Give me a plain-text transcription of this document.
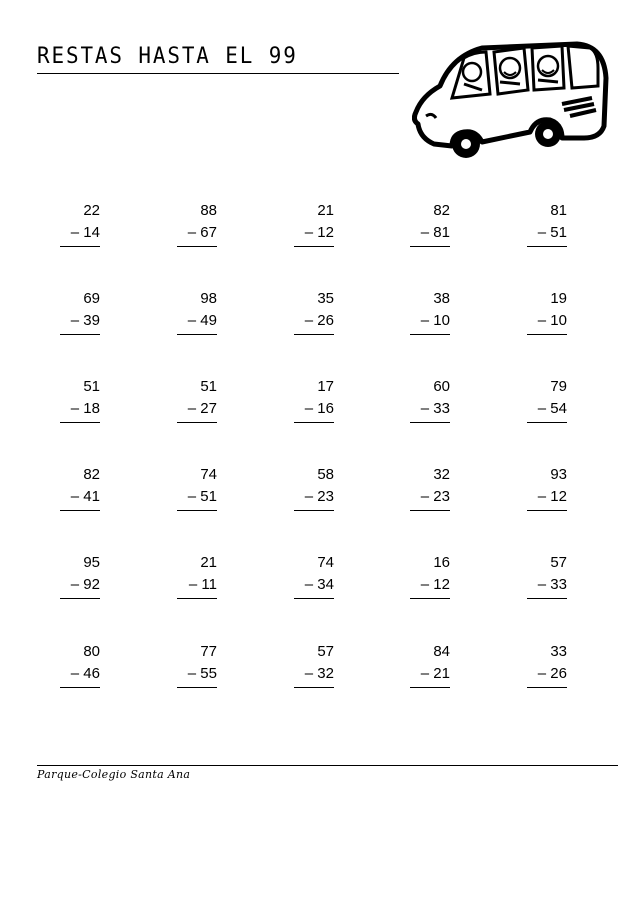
RESTAS HASTA EL 99
22
– 14
88
– 67
21
– 12
82
– 81
81
– 51
69
– 39
98
– 49
35
– 26
38
– 10
19
– 10
51
– 18
51
– 27
17
– 16
60
– 33
79
– 54
82
– 41
74
– 51
58
– 23
32
– 23
93
– 12
95
– 92
21
– 11
74
– 34
16
– 12
57
– 33
80
– 46
77
– 55
57
– 32
84
– 21
33
– 26
Parque-Colegio Santa Ana
